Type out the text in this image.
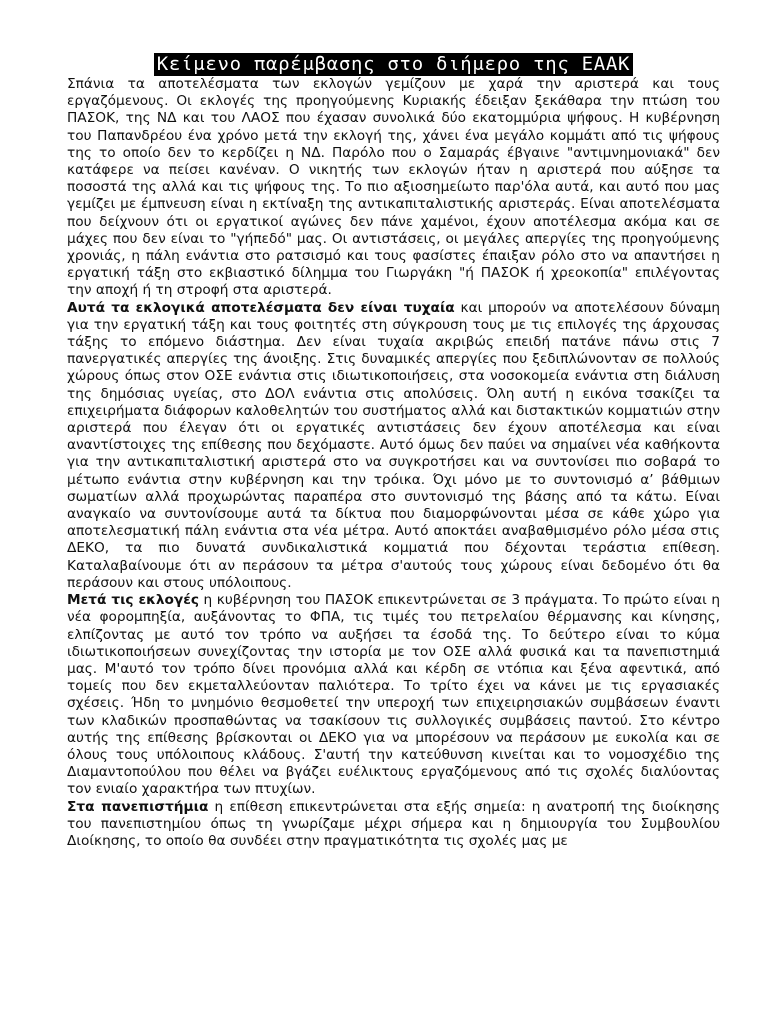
Κείμενο παρέμβασης στο διήμερο της ΕΑΑΚ

Σπάνια τα αποτελέσματα των εκλογών γεμίζουν με χαρά την αριστερά και τους εργαζόμενους. Οι εκλογές της προηγούμενης Κυριακής έδειξαν ξεκάθαρα την πτώση του ΠΑΣΟΚ, της ΝΔ και του ΛΑΟΣ που έχασαν συνολικά δύο εκατομμύρια ψήφους. Η κυβέρνηση του Παπανδρέου ένα χρόνο μετά την εκλογή της, χάνει ένα μεγάλο κομμάτι από τις ψήφους της το οποίο δεν το κερδίζει η ΝΔ. Παρόλο που ο Σαμαράς έβγαινε "αντιμνημονιακά" δεν κατάφερε να πείσει κανέναν. Ο νικητής των εκλογών ήταν η αριστερά που αύξησε τα ποσοστά της αλλά και τις ψήφους της. Το πιο αξιοσημείωτο παρ'όλα αυτά, και αυτό που μας γεμίζει με έμπνευση είναι η εκτίναξη της αντικαπιταλιστικής αριστεράς. Είναι αποτελέσματα που δείχνουν ότι οι εργατικοί αγώνες δεν πάνε χαμένοι, έχουν αποτέλεσμα ακόμα και σε μάχες που δεν είναι το "γήπεδό" μας. Οι αντιστάσεις, οι μεγάλες απεργίες της προηγούμενης χρονιάς, η πάλη ενάντια στο ρατσισμό και τους φασίστες έπαιξαν ρόλο στο να απαντήσει η εργατική τάξη στο εκβιαστικό δίλημμα του Γιωργάκη "ή ΠΑΣΟΚ ή χρεοκοπία" επιλέγοντας την αποχή ή τη στροφή στα αριστερά.

Αυτά τα εκλογικά αποτελέσματα δεν είναι τυχαία και μπορούν να αποτελέσουν δύναμη για την εργατική τάξη και τους φοιτητές στη σύγκρουση τους με τις επιλογές της άρχουσας τάξης το επόμενο διάστημα. Δεν είναι τυχαία ακριβώς επειδή πατάνε πάνω στις 7 πανεργατικές απεργίες της άνοιξης. Στις δυναμικές απεργίες που ξεδιπλώνονταν σε πολλούς χώρους όπως στον ΟΣΕ ενάντια στις ιδιωτικοποιήσεις, στα νοσοκομεία ενάντια στη διάλυση της δημόσιας υγείας, στο ΔΟΛ ενάντια στις απολύσεις. Όλη αυτή η εικόνα τσακίζει τα επιχειρήματα διάφορων καλοθελητών του συστήματος αλλά και διστακτικών κομματιών στην αριστερά που έλεγαν ότι οι εργατικές αντιστάσεις δεν έχουν αποτέλεσμα και είναι αναντίστοιχες της επίθεσης που δεχόμαστε. Αυτό όμως δεν παύει να σημαίνει νέα καθήκοντα για την αντικαπιταλιστική αριστερά στο να συγκροτήσει και να συντονίσει πιο σοβαρά το μέτωπο ενάντια στην κυβέρνηση και την τρόικα. Όχι μόνο με το συντονισμό α’ βάθμιων σωματίων αλλά προχωρώντας παραπέρα στο συντονισμό της βάσης από τα κάτω. Είναι αναγκαίο να συντονίσουμε αυτά τα δίκτυα που διαμορφώνονται μέσα σε κάθε χώρο για αποτελεσματική πάλη ενάντια στα νέα μέτρα. Αυτό αποκτάει αναβαθμισμένο ρόλο μέσα στις ΔΕΚΟ, τα πιο δυνατά συνδικαλιστικά κομματιά που δέχονται τεράστια επίθεση. Καταλαβαίνουμε ότι αν περάσουν τα μέτρα σ'αυτούς τους χώρους είναι δεδομένο ότι θα περάσουν και στους υπόλοιπους.

Μετά τις εκλογές η κυβέρνηση του ΠΑΣΟΚ επικεντρώνεται σε 3 πράγματα. Το πρώτο είναι η νέα φορομπηξία, αυξάνοντας το ΦΠΑ, τις τιμές του πετρελαίου θέρμανσης και κίνησης, ελπίζοντας με αυτό τον τρόπο να αυξήσει τα έσοδά της. Το δεύτερο είναι το κύμα ιδιωτικοποιήσεων συνεχίζοντας την ιστορία με τον ΟΣΕ αλλά φυσικά και τα πανεπιστημιά μας. Μ'αυτό τον τρόπο δίνει προνόμια αλλά και κέρδη σε ντόπια και ξένα αφεντικά, από τομείς που δεν εκμεταλλεύονταν παλιότερα. Το τρίτο έχει να κάνει με τις εργασιακές σχέσεις. Ήδη το μνημόνιο θεσμοθετεί την υπεροχή των επιχειρησιακών συμβάσεων έναντι των κλαδικών προσπαθώντας να τσακίσουν τις συλλογικές συμβάσεις παντού. Στο κέντρο αυτής της επίθεσης βρίσκονται οι ΔΕΚΟ για να μπορέσουν να περάσουν με ευκολία και σε όλους τους υπόλοιπους κλάδους. Σ'αυτή την κατεύθυνση κινείται και το νομοσχέδιο της Διαμαντοπούλου που θέλει να βγάζει ευέλικτους εργαζόμενους από τις σχολές διαλύοντας τον ενιαίο χαρακτήρα των πτυχίων.

Στα πανεπιστήμια η επίθεση επικεντρώνεται στα εξής σημεία: η ανατροπή της διοίκησης του πανεπιστημίου όπως τη γνωρίζαμε μέχρι σήμερα και η δημιουργία του Συμβουλίου Διοίκησης, το οποίο θα συνδέει στην πραγματικότητα τις σχολές μας με
